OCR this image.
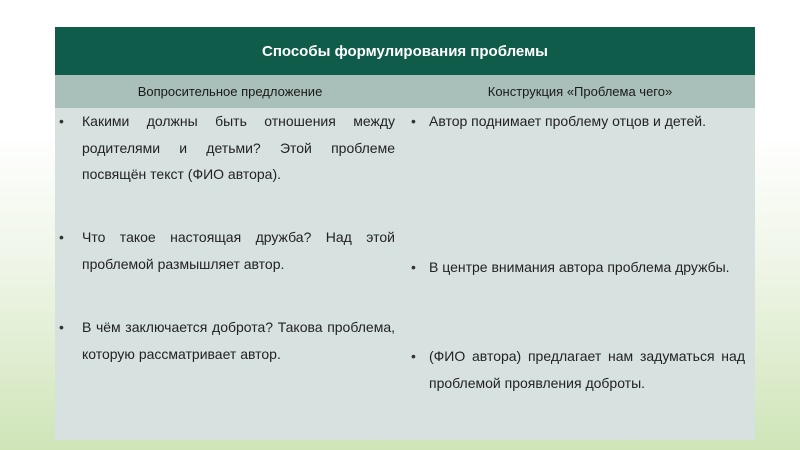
Способы формулирования проблемы
Вопросительное предложение	Конструкция «Проблема чего»
• Какими должны быть отношения между родителями и детьми? Этой проблеме посвящён текст (ФИО автора).
• Что такое настоящая дружба? Над этой проблемой размышляет автор.
• В чём заключается доброта? Такова проблема, которую рассматривает автор.
• Автор поднимает проблему отцов и детей.
• В центре внимания автора проблема дружбы.
• (ФИО автора) предлагает нам задуматься над проблемой проявления доброты.
